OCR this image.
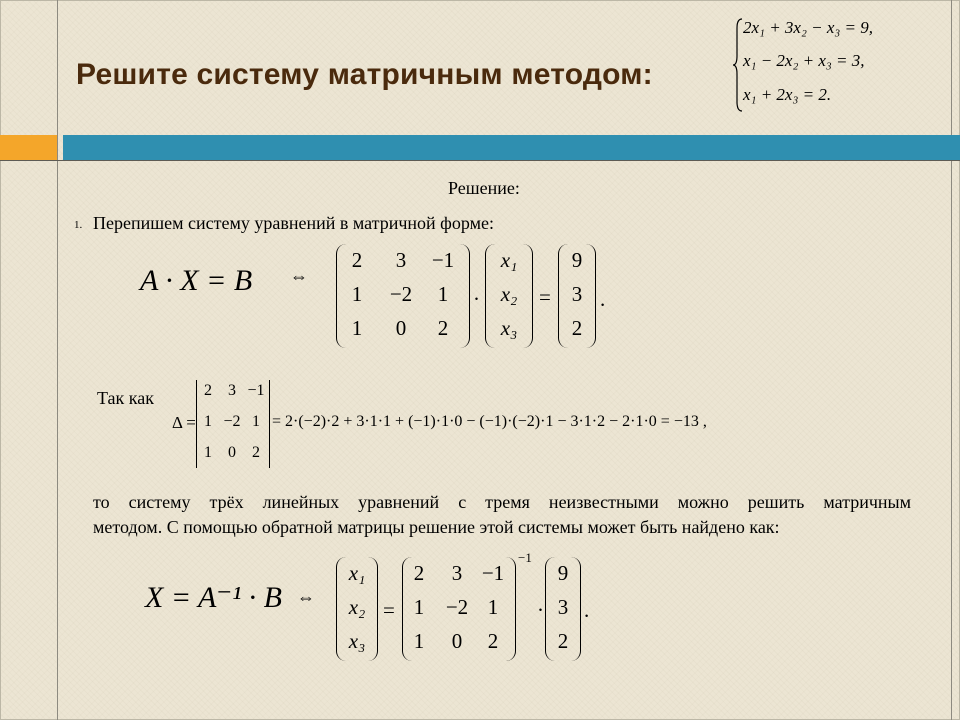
Решите систему матричным методом:
2x₁ + 3x₂ − x₃ = 9,
x₁ − 2x₂ + x₃ = 3,
x₁ + 2x₃ = 2.
Решение:
1. Перепишем систему уравнений в матричной форме:
A · X = B ⇔
2	3	−1
1	−2	1
1	0	2
·
x₁
x₂
x₃
=
9
3
2
.
Так как
Δ =
2	3 −1
1 −2 1
1	0	2
= 2·(−2)·2 + 3·1·1 + (−1)·1·0 − (−1)·(−2)·1 − 3·1·2 − 2·1·0 = −13 ,
то систему трёх линейных уравнений с тремя неизвестными можно решить матричным
методом. С помощью обратной матрицы решение этой системы может быть найдено как:
X = A⁻¹ · B ⇔
x₁
x₂
x₃
=
2	3 −1
1	−2 1
1	0	2
−1
·
9
3
2
.
